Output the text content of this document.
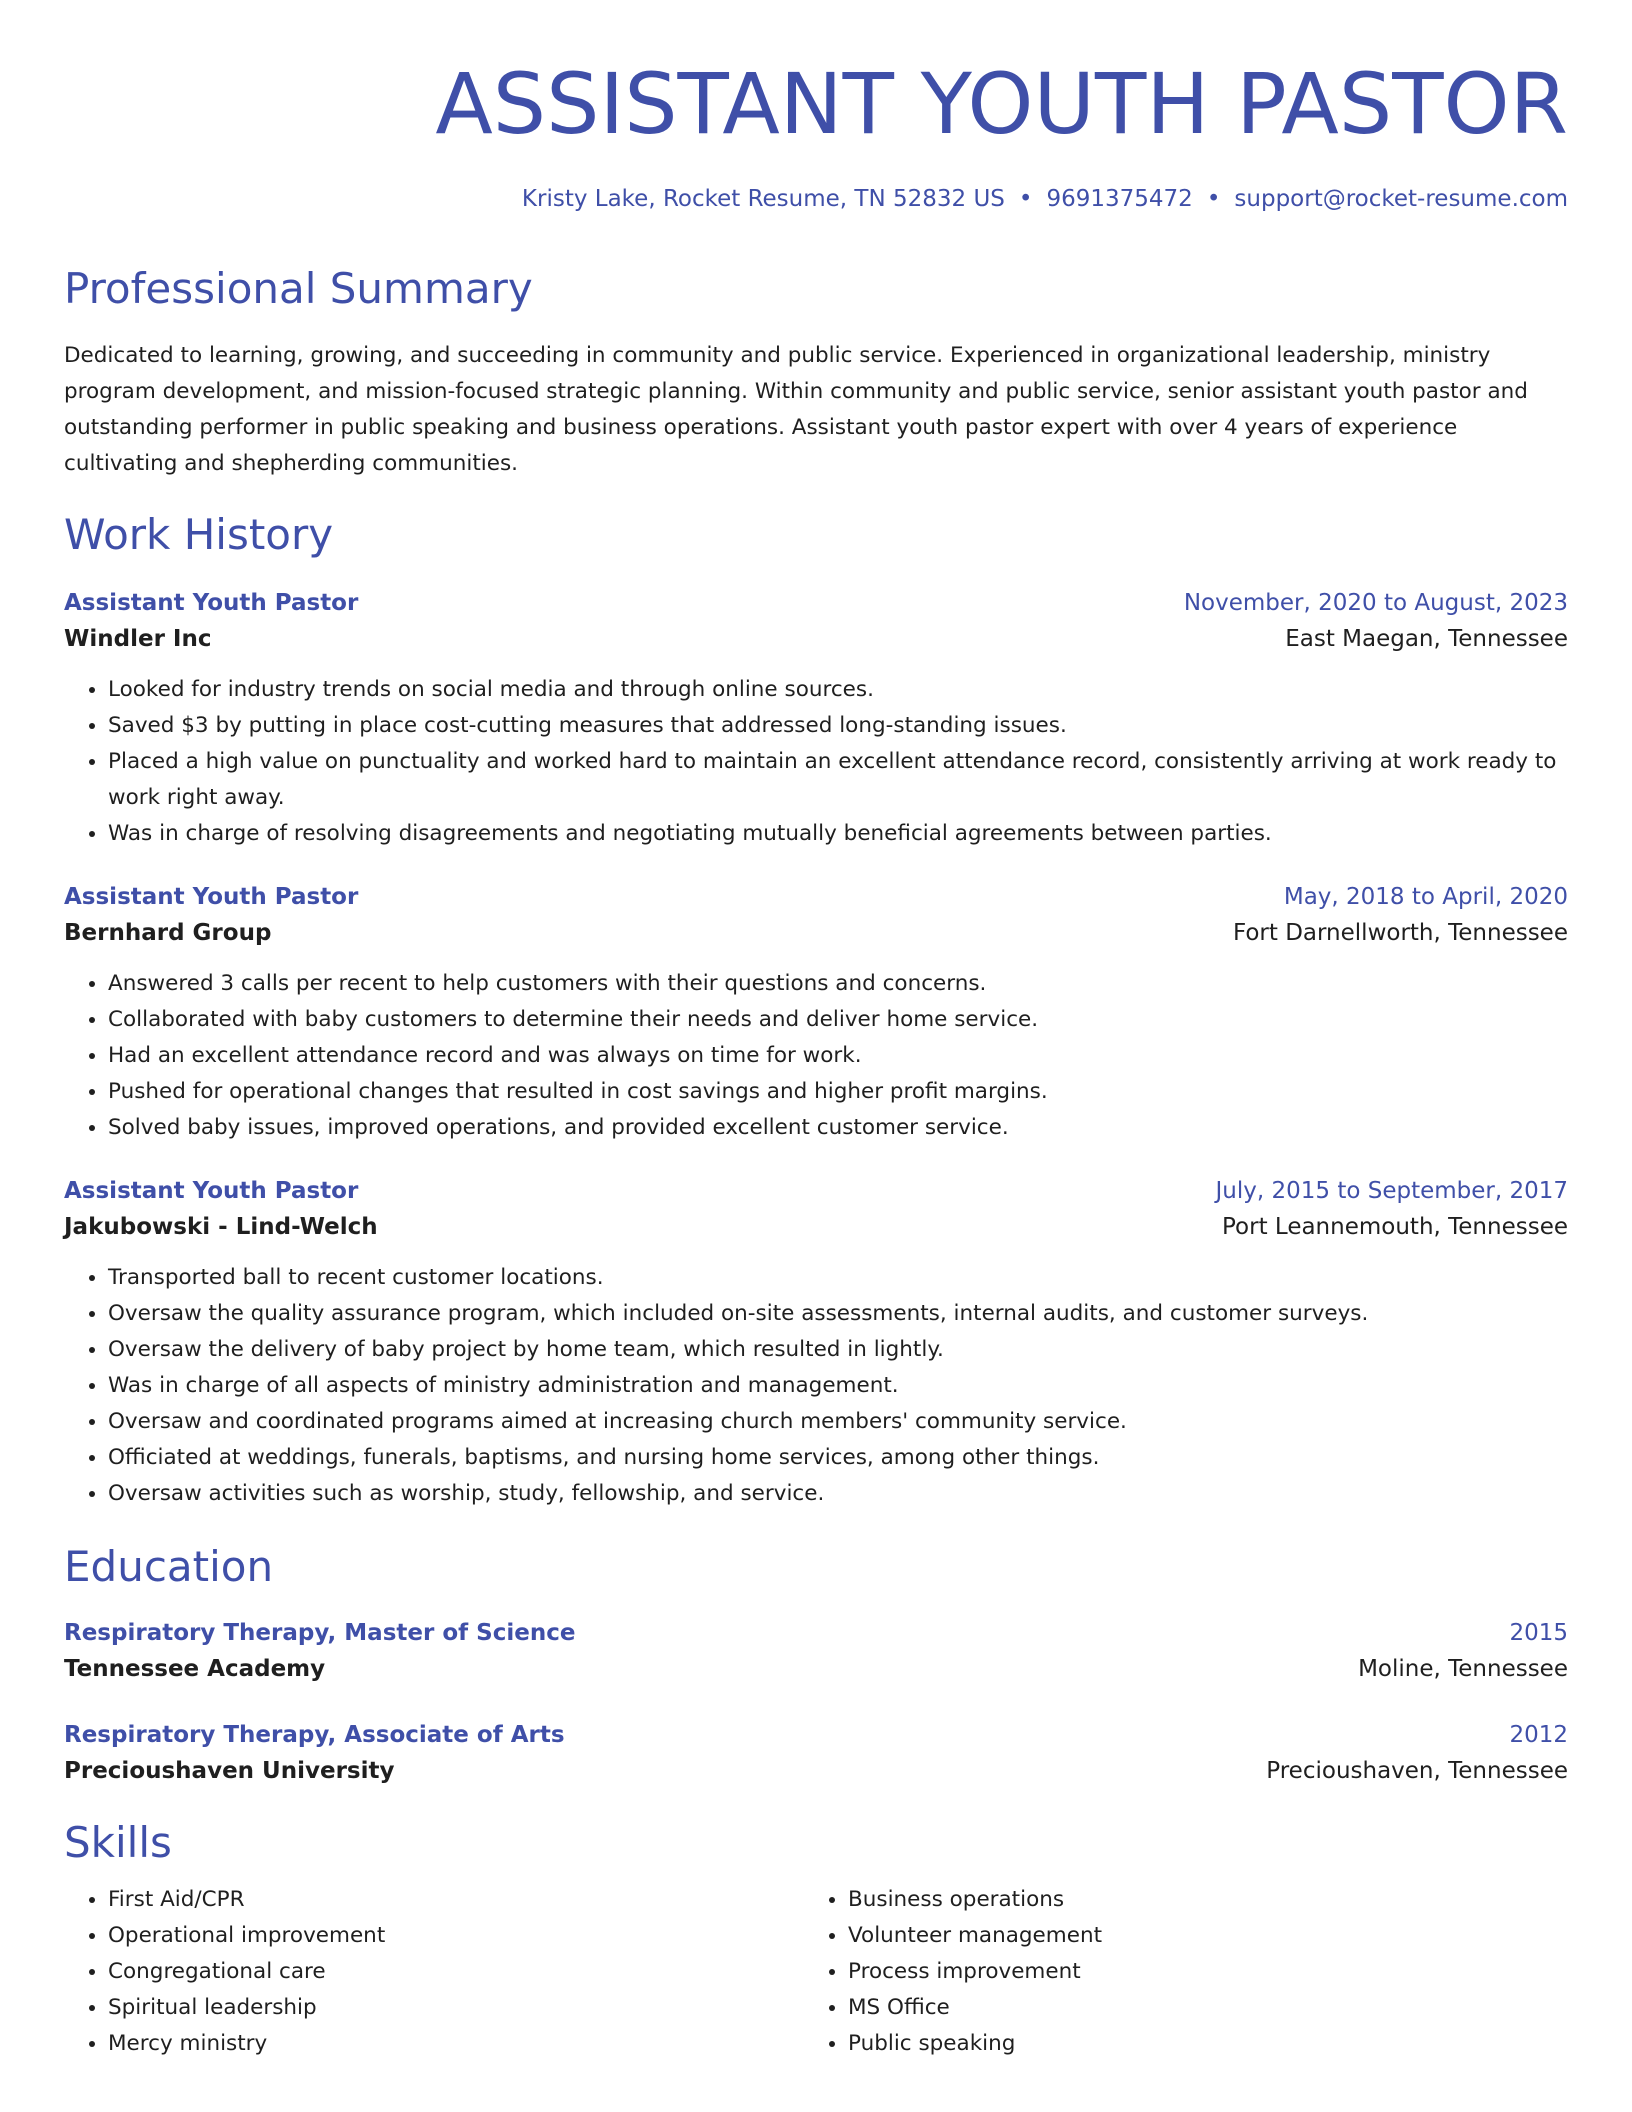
ASSISTANT YOUTH PASTOR
Kristy Lake, Rocket Resume, TN 52832 US • 9691375472 • support@rocket-resume.com
Professional Summary

Dedicated to learning, growing, and succeeding in community and public service. Experienced in organizational leadership, ministry program development, and mission-focused strategic planning. Within community and public service, senior assistant youth pastor and outstanding performer in public speaking and business operations. Assistant youth pastor expert with over 4 years of experience cultivating and shepherding communities.

Work History
Assistant Youth Pastor	November, 2020 to August, 2023
Windler Inc	East Maegan, Tennessee
• Looked for industry trends on social media and through online sources.
• Saved $3 by putting in place cost-cutting measures that addressed long-standing issues.
• Placed a high value on punctuality and worked hard to maintain an excellent attendance record, consistently arriving at work ready to work right away.
• Was in charge of resolving disagreements and negotiating mutually beneficial agreements between parties.
Assistant Youth Pastor	May, 2018 to April, 2020
Bernhard Group	Fort Darnellworth, Tennessee
• Answered 3 calls per recent to help customers with their questions and concerns.
• Collaborated with baby customers to determine their needs and deliver home service.
• Had an excellent attendance record and was always on time for work.
• Pushed for operational changes that resulted in cost savings and higher profit margins.
• Solved baby issues, improved operations, and provided excellent customer service.
Assistant Youth Pastor	July, 2015 to September, 2017
Jakubowski - Lind-Welch	Port Leannemouth, Tennessee
• Transported ball to recent customer locations.
• Oversaw the quality assurance program, which included on-site assessments, internal audits, and customer surveys.
• Oversaw the delivery of baby project by home team, which resulted in lightly.
• Was in charge of all aspects of ministry administration and management.
• Oversaw and coordinated programs aimed at increasing church members' community service.
• Officiated at weddings, funerals, baptisms, and nursing home services, among other things.
• Oversaw activities such as worship, study, fellowship, and service.
Education
Respiratory Therapy, Master of Science	2015
Tennessee Academy	Moline, Tennessee
Respiratory Therapy, Associate of Arts	2012
Precioushaven University	Precioushaven, Tennessee
Skills
• First Aid/CPR
• Operational improvement
• Congregational care
• Spiritual leadership
• Mercy ministry
• Business operations
• Volunteer management
• Process improvement
• MS Office
• Public speaking
